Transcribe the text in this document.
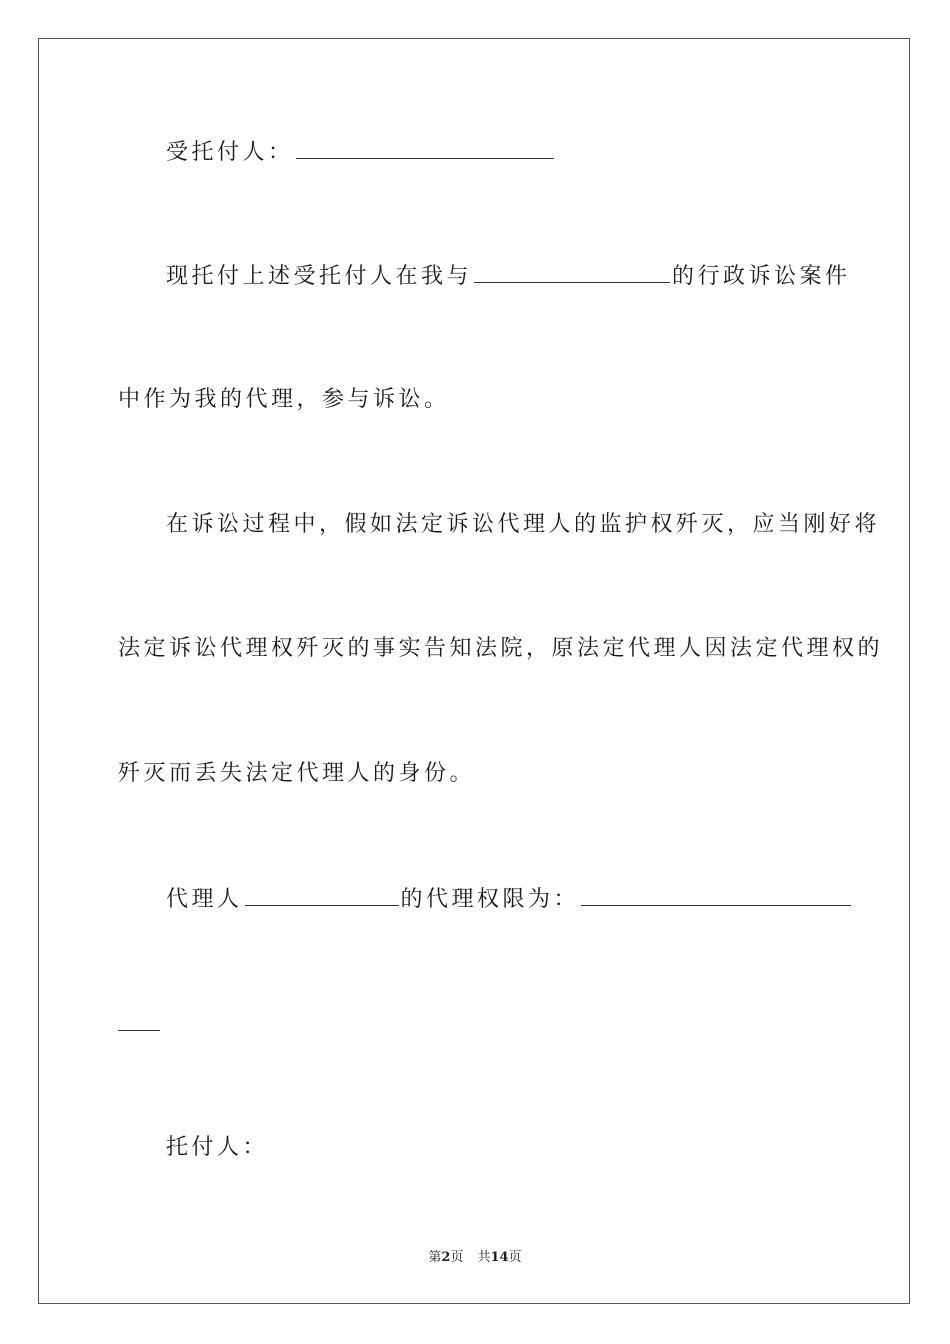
受托付人：
现托付上述受托付人在我与	的行政诉讼案件
中作为我的代理，参与诉讼。
在诉讼过程中，假如法定诉讼代理人的监护权歼灭，应当刚好将
法定诉讼代理权歼灭的事实告知法院，原法定代理人因法定代理权的
歼灭而丢失法定代理人的身份。
代理人	的代理权限为：
托付人：
第2页 共14页
